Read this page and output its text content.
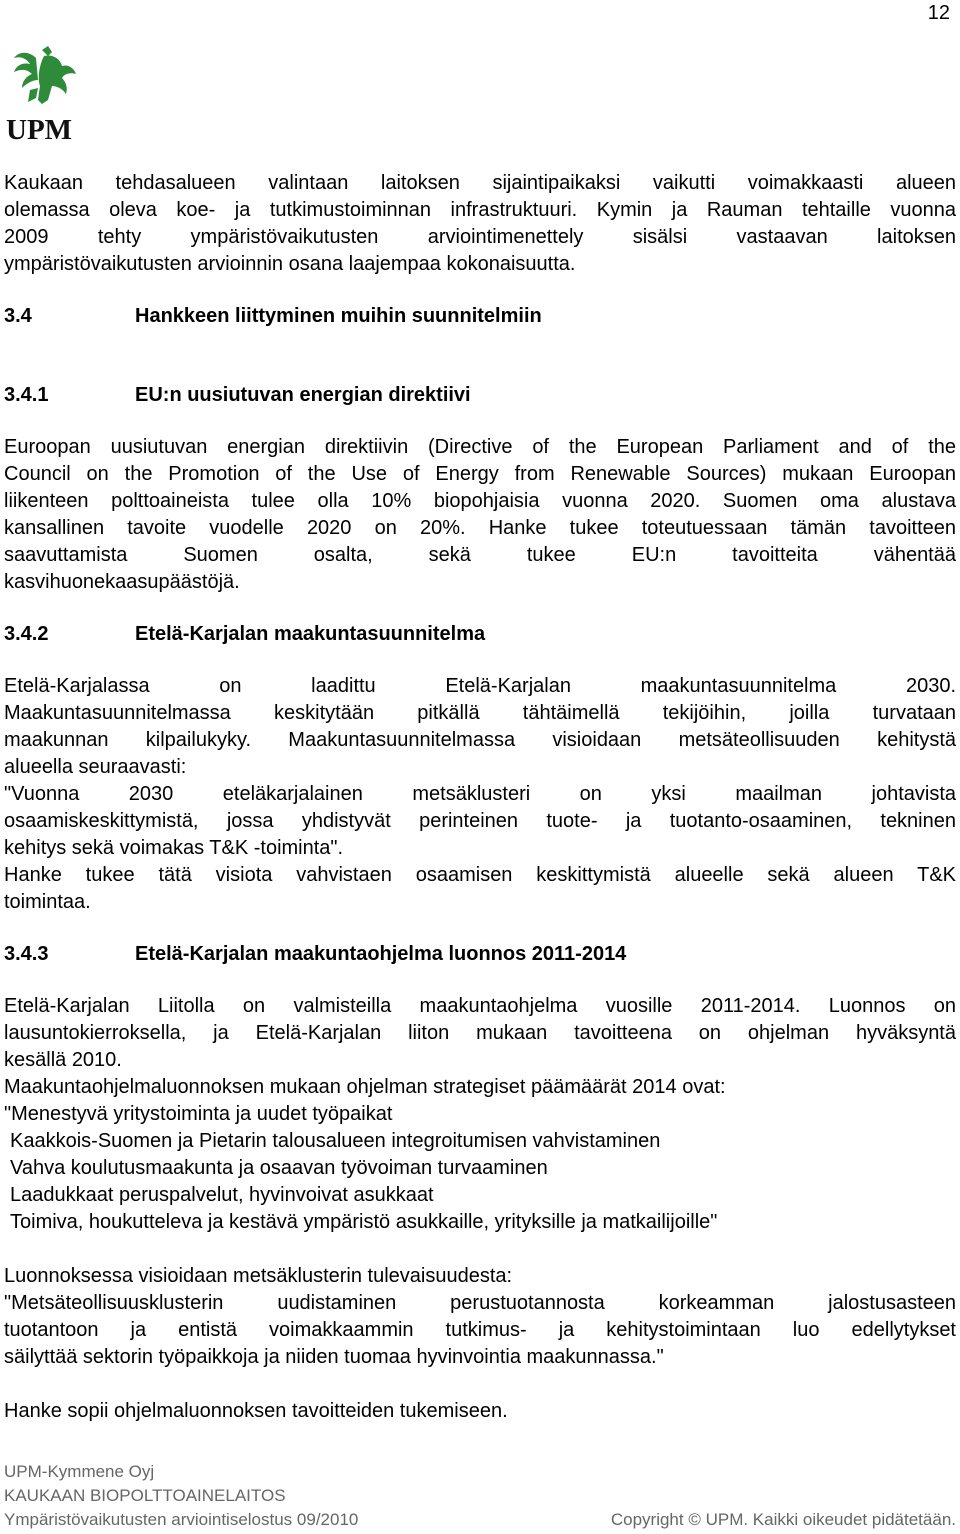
12
UPM

Kaukaan tehdasalueen valintaan laitoksen sijaintipaikaksi vaikutti voimakkaasti alueen

olemassa oleva koe- ja tutkimustoiminnan infrastruktuuri. Kymin ja Rauman tehtaille vuonna

2009 tehty ympäristövaikutusten arviointimenettely sisälsi vastaavan laitoksen

ympäristövaikutusten arvioinnin osana laajempaa kokonaisuutta.

3.4	Hankkeen liittyminen muihin suunnitelmiin
3.4.1	EU:n uusiutuvan energian direktiivi

Euroopan uusiutuvan energian direktiivin (Directive of the European Parliament and of the

Council on the Promotion of the Use of Energy from Renewable Sources) mukaan Euroopan

liikenteen polttoaineista tulee olla 10% biopohjaisia vuonna 2020. Suomen oma alustava

kansallinen tavoite vuodelle 2020 on 20%. Hanke tukee toteutuessaan tämän tavoitteen

saavuttamista Suomen osalta, sekä tukee EU:n tavoitteita vähentää

kasvihuonekaasupäästöjä.

3.4.2	Etelä-Karjalan maakuntasuunnitelma

Etelä-Karjalassa on laadittu Etelä-Karjalan maakuntasuunnitelma 2030.

Maakuntasuunnitelmassa keskitytään pitkällä tähtäimellä tekijöihin, joilla turvataan

maakunnan kilpailukyky. Maakuntasuunnitelmassa visioidaan metsäteollisuuden kehitystä

alueella seuraavasti:

"Vuonna 2030 eteläkarjalainen metsäklusteri on yksi maailman johtavista

osaamiskeskittymistä, jossa yhdistyvät perinteinen tuote- ja tuotanto-osaaminen, tekninen

kehitys sekä voimakas T&K -toiminta".

Hanke tukee tätä visiota vahvistaen osaamisen keskittymistä alueelle sekä alueen T&K

toimintaa.

3.4.3	Etelä-Karjalan maakuntaohjelma luonnos 2011-2014

Etelä-Karjalan Liitolla on valmisteilla maakuntaohjelma vuosille 2011-2014. Luonnos on

lausuntokierroksella, ja Etelä-Karjalan liiton mukaan tavoitteena on ohjelman hyväksyntä

kesällä 2010.

Maakuntaohjelmaluonnoksen mukaan ohjelman strategiset päämäärät 2014 ovat:

"Menestyvä yritystoiminta ja uudet työpaikat

Kaakkois-Suomen ja Pietarin talousalueen integroitumisen vahvistaminen

Vahva koulutusmaakunta ja osaavan työvoiman turvaaminen

Laadukkaat peruspalvelut, hyvinvoivat asukkaat

Toimiva, houkutteleva ja kestävä ympäristö asukkaille, yrityksille ja matkailijoille"

Luonnoksessa visioidaan metsäklusterin tulevaisuudesta:

"Metsäteollisuusklusterin uudistaminen perustuotannosta korkeamman jalostusasteen

tuotantoon ja entistä voimakkaammin tutkimus- ja kehitystoimintaan luo edellytykset

säilyttää sektorin työpaikkoja ja niiden tuomaa hyvinvointia maakunnassa."

Hanke sopii ohjelmaluonnoksen tavoitteiden tukemiseen.

UPM-Kymmene Oyj
KAUKAAN BIOPOLTTOAINELAITOS
Ympäristövaikutusten arviointiselostus 09/2010	Copyright © UPM. Kaikki oikeudet pidätetään.
